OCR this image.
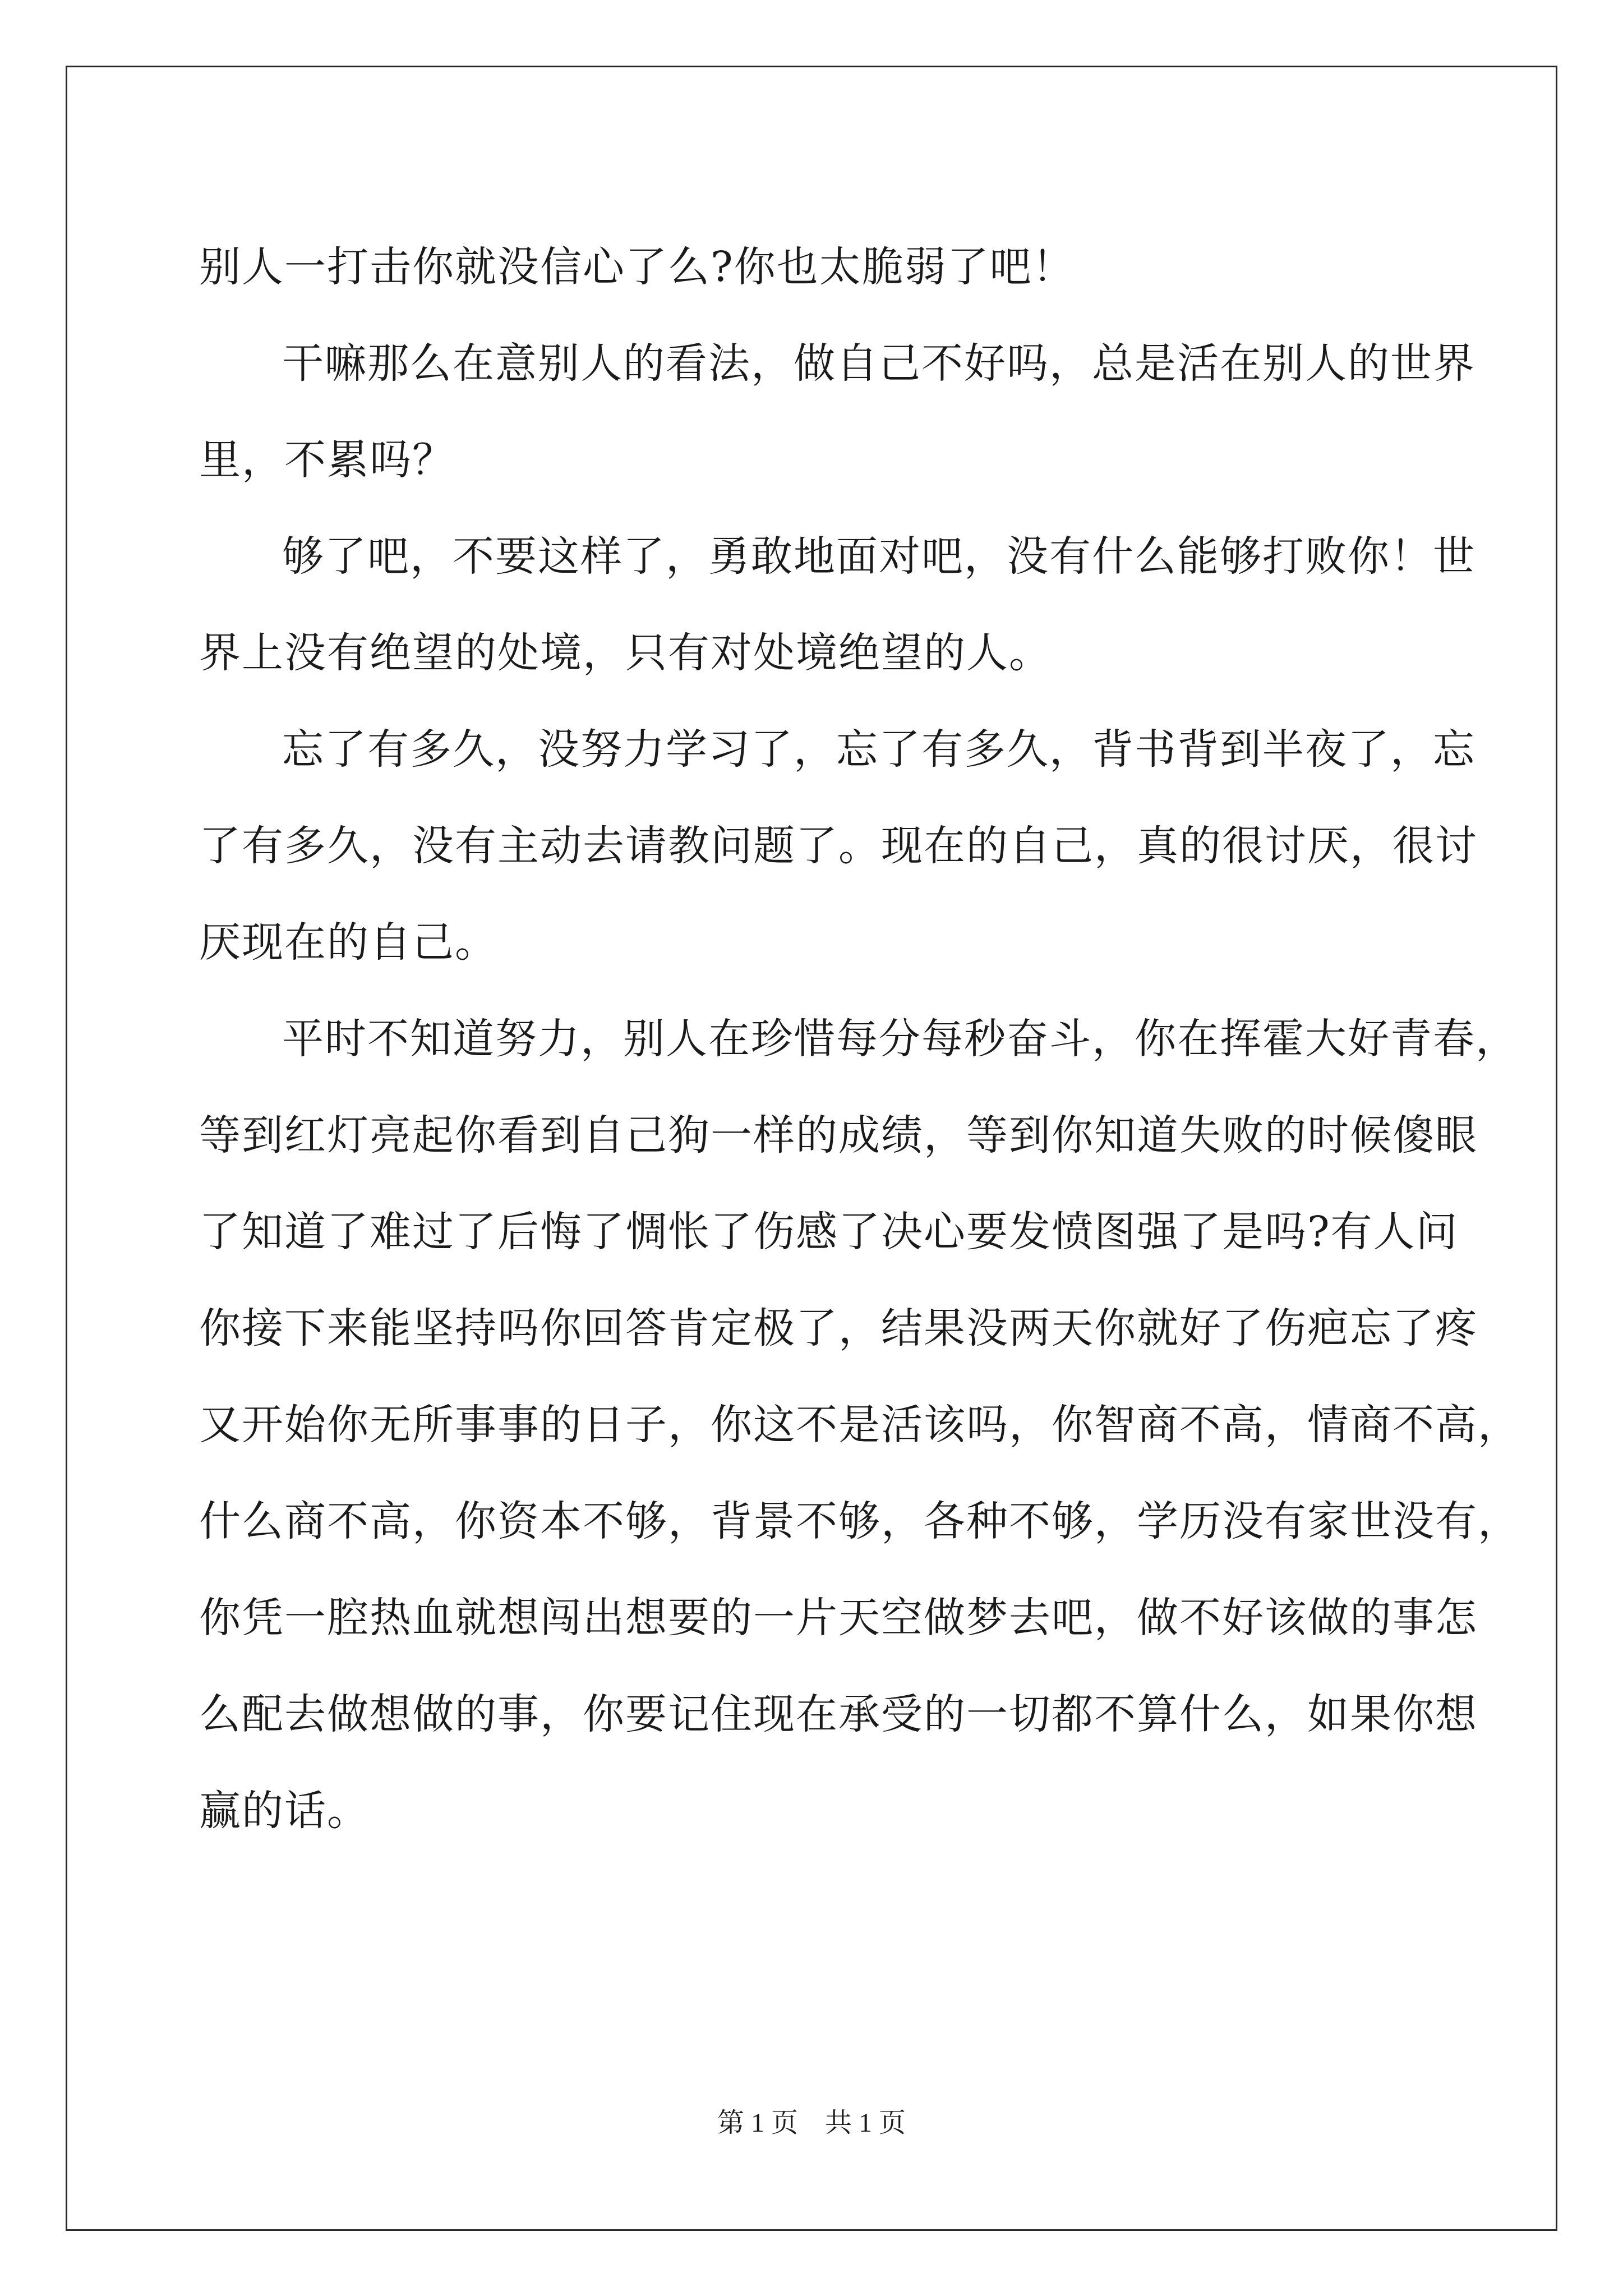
别人一打击你就没信心了么?你也太脆弱了吧！
干嘛那么在意别人的看法，做自己不好吗，总是活在别人的世界
里，不累吗？
够了吧，不要这样了，勇敢地面对吧，没有什么能够打败你！世
界上没有绝望的处境，只有对处境绝望的人。
忘了有多久，没努力学习了，忘了有多久，背书背到半夜了，忘
了有多久，没有主动去请教问题了。现在的自己，真的很讨厌，很讨
厌现在的自己。
平时不知道努力，别人在珍惜每分每秒奋斗，你在挥霍大好青春，
等到红灯亮起你看到自己狗一样的成绩，等到你知道失败的时候傻眼
了知道了难过了后悔了惆怅了伤感了决心要发愤图强了是吗?有人问
你接下来能坚持吗你回答肯定极了，结果没两天你就好了伤疤忘了疼
又开始你无所事事的日子，你这不是活该吗，你智商不高，情商不高，
什么商不高，你资本不够，背景不够，各种不够，学历没有家世没有，
你凭一腔热血就想闯出想要的一片天空做梦去吧，做不好该做的事怎
么配去做想做的事，你要记住现在承受的一切都不算什么，如果你想
赢的话。
第 1 页　共 1 页
